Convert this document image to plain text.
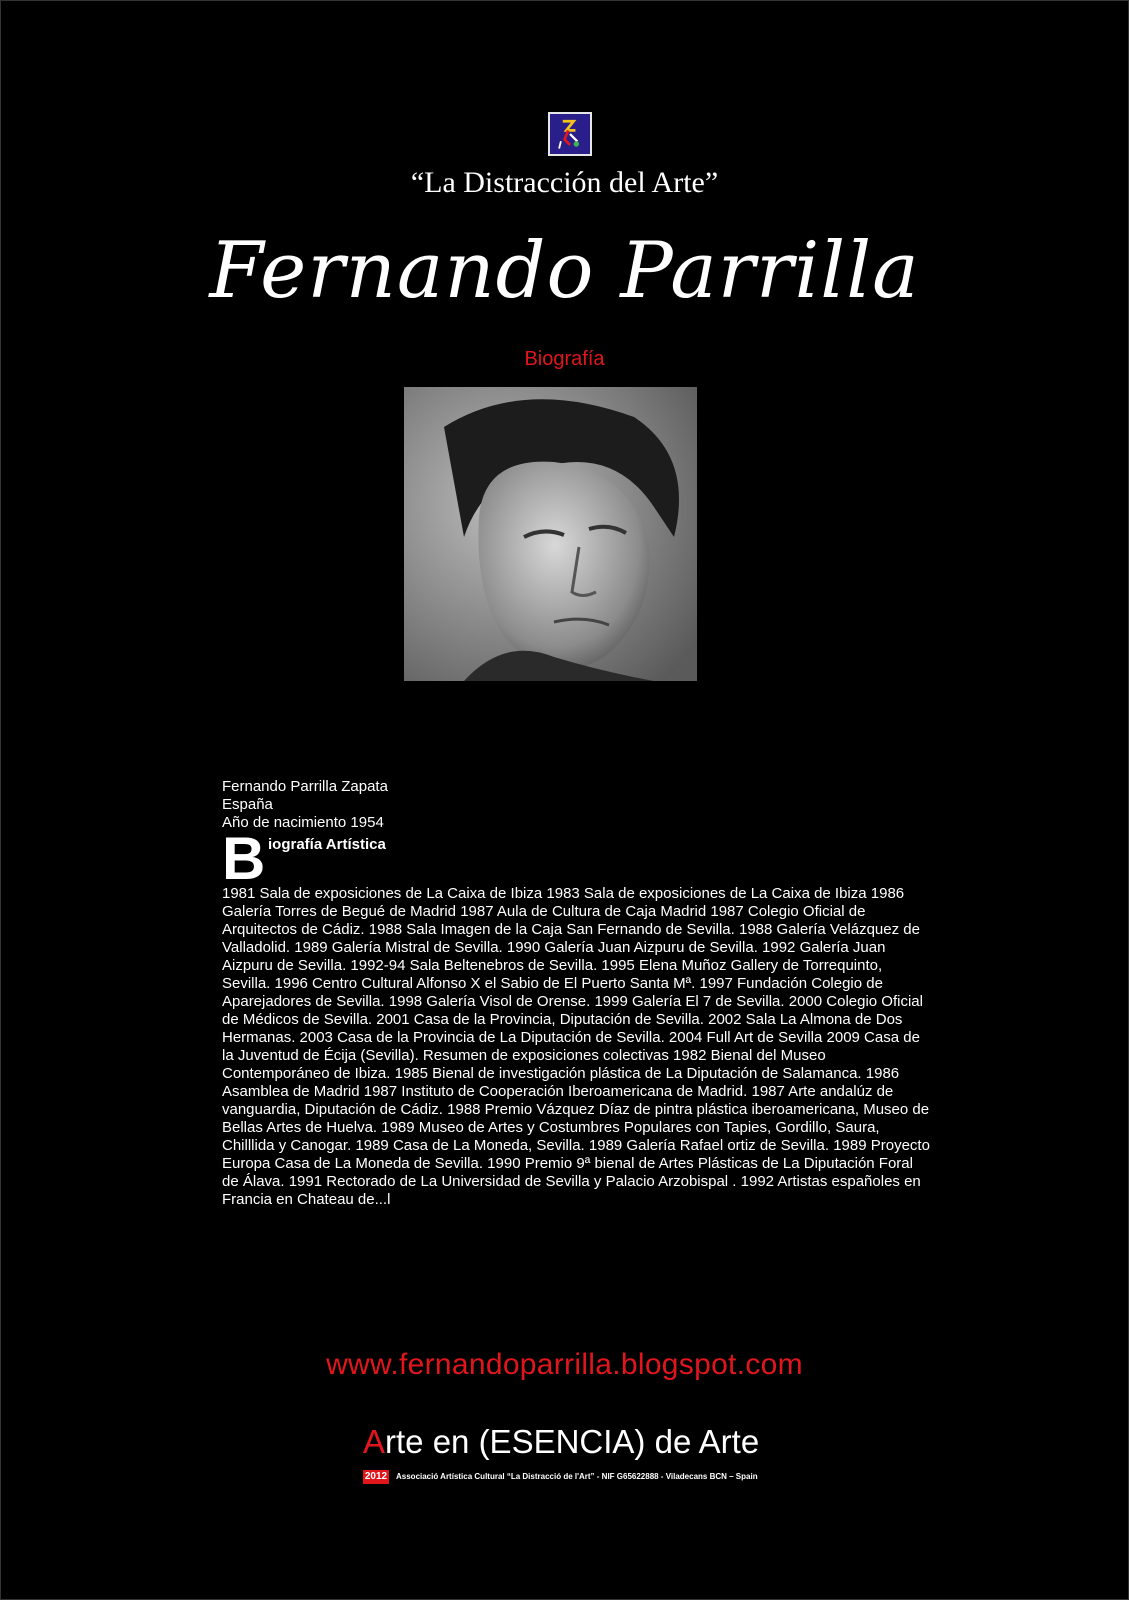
“La Distracción del Arte”
Fernando Parrilla
Biografía
Fernando Parrilla Zapata
España
Año de nacimiento 1954
B iografía Artística
1981 Sala de exposiciones de La Caixa de Ibiza 1983 Sala de exposiciones de La Caixa de Ibiza 1986 Galería Torres de Begué de Madrid 1987 Aula de Cultura de Caja Madrid 1987 Colegio Oficial de Arquitectos de Cádiz. 1988 Sala Imagen de la Caja San Fernando de Sevilla. 1988 Galería Velázquez de Valladolid. 1989 Galería Mistral de Sevilla. 1990 Galería Juan Aizpuru de Sevilla. 1992 Galería Juan Aizpuru de Sevilla. 1992-94 Sala Beltenebros de Sevilla. 1995 Elena Muñoz Gallery de Torrequinto, Sevilla. 1996 Centro Cultural Alfonso X el Sabio de El Puerto Santa Mª. 1997 Fundación Colegio de Aparejadores de Sevilla. 1998 Galería Visol de Orense. 1999 Galería El 7 de Sevilla. 2000 Colegio Oficial de Médicos de Sevilla. 2001 Casa de la Provincia, Diputación de Sevilla. 2002 Sala La Almona de Dos Hermanas. 2003 Casa de la Provincia de La Diputación de Sevilla. 2004 Full Art de Sevilla 2009 Casa de la Juventud de Écija (Sevilla). Resumen de exposiciones colectivas 1982 Bienal del Museo Contemporáneo de Ibiza. 1985 Bienal de investigación plástica de La Diputación de Salamanca. 1986 Asamblea de Madrid 1987 Instituto de Cooperación Iberoamericana de Madrid. 1987 Arte andalúz de vanguardia, Diputación de Cádiz. 1988 Premio Vázquez Díaz de pintra plástica iberoamericana, Museo de Bellas Artes de Huelva. 1989 Museo de Artes y Costumbres Populares con Tapies, Gordillo, Saura, Chilllida y Canogar. 1989 Casa de La Moneda, Sevilla. 1989 Galería Rafael ortiz de Sevilla. 1989 Proyecto Europa Casa de La Moneda de Sevilla. 1990 Premio 9ª bienal de Artes Plásticas de La Diputación Foral de Álava. 1991 Rectorado de La Universidad de Sevilla y Palacio Arzobispal . 1992 Artistas españoles en Francia en Chateau de...l
www.fernandoparrilla.blogspot.com
Arte en (ESENCIA) de Arte
2012 Associació Artística Cultural “La Distracció de l'Art” - NIF G65622888 - Viladecans BCN – Spain
